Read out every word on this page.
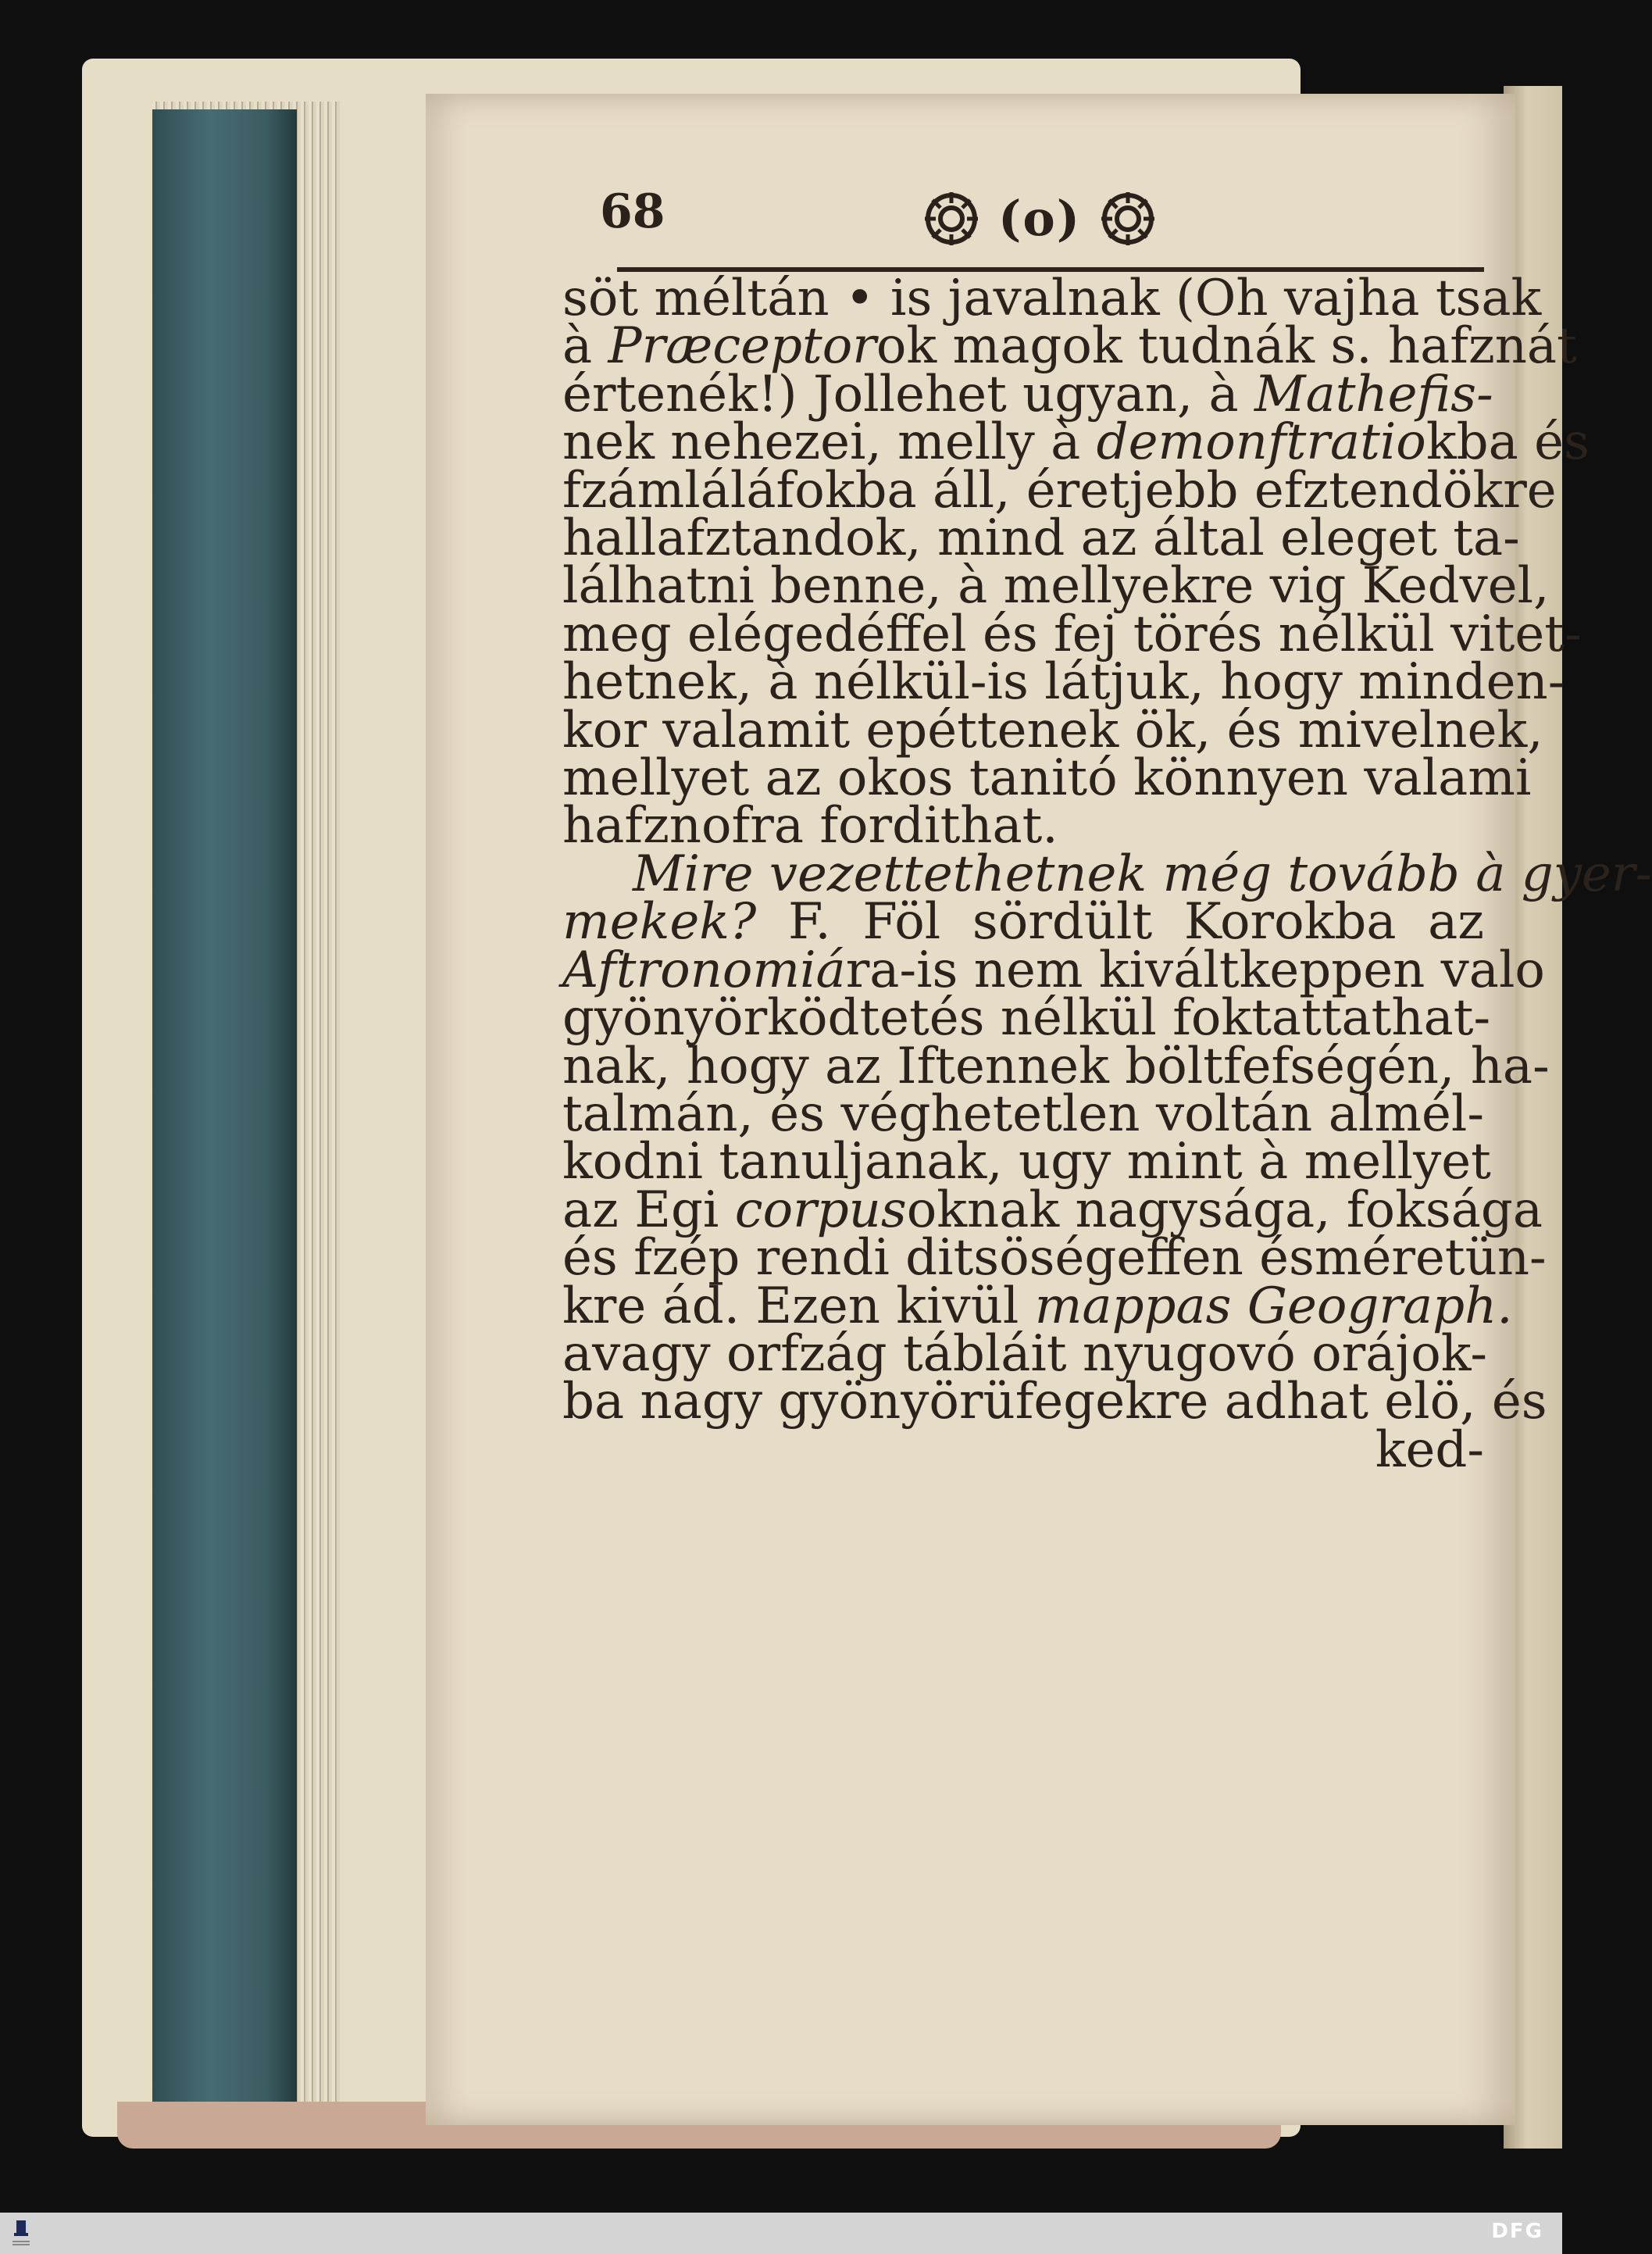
68	(o)
söt méltán • is javalnak (Oh vajha tsak
à Præceptorok magok tudnák s. hafznát
értenék!) Jollehet ugyan, à Mathefis-
nek nehezei, melly à demonftratiokba és
fzámláláfokba áll, éretjebb efztendökre
hallafztandok, mind az által eleget ta-
lálhatni benne, à mellyekre vig Kedvel,
meg elégedéffel és fej törés nélkül vitet-
hetnek, à nélkül-is látjuk, hogy minden-
kor valamit epéttenek ök, és mivelnek,
mellyet az okos tanitó könnyen valami
hafznofra fordithat.
Mire vezettethetnek még tovább à gyer-
mekek? F. Föl sördült Korokba az
Aftronomiára-is nem kiváltkeppen valo
gyönyörködtetés nélkül foktattathat-
nak, hogy az Iftennek böltfefségén, ha-
talmán, és véghetetlen voltán almél-
kodni tanuljanak, ugy mint à mellyet
az Egi corpusoknak nagysága, foksága
és fzép rendi ditsöségeffen ésméretün-
kre ád. Ezen kivül mappas Geograph.
avagy orfzág tábláit nyugovó orájok-
ba nagy gyönyörüfegekre adhat elö, és
ked-
DFG
